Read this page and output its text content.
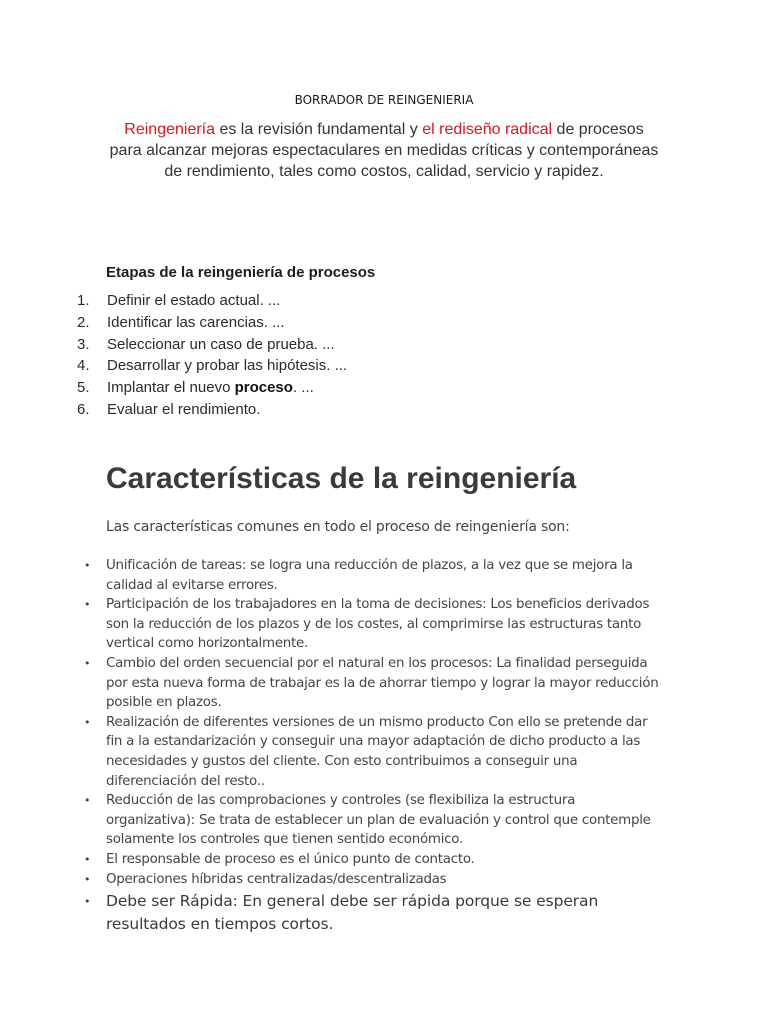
BORRADOR DE REINGENIERIA
Reingeniería es la revisión fundamental y el rediseño radical de procesos para alcanzar mejoras espectaculares en medidas críticas y contemporáneas de rendimiento, tales como costos, calidad, servicio y rapidez.
Etapas de la reingeniería de procesos
1.	Definir el estado actual. ...
2.	Identificar las carencias. ...
3.	Seleccionar un caso de prueba. ...
4.	Desarrollar y probar las hipótesis. ...
5.	Implantar el nuevo proceso. ...
6.	Evaluar el rendimiento.
Características de la reingeniería
Las características comunes en todo el proceso de reingeniería son:
•	Unificación de tareas: se logra una reducción de plazos, a la vez que se mejora la calidad al evitarse errores.
•	Participación de los trabajadores en la toma de decisiones: Los beneficios derivados son la reducción de los plazos y de los costes, al comprimirse las estructuras tanto vertical como horizontalmente.
•	Cambio del orden secuencial por el natural en los procesos: La finalidad perseguida por esta nueva forma de trabajar es la de ahorrar tiempo y lograr la mayor reducción posible en plazos.
•	Realización de diferentes versiones de un mismo producto Con ello se pretende dar fin a la estandarización y conseguir una mayor adaptación de dicho producto a las necesidades y gustos del cliente. Con esto contribuimos a conseguir una diferenciación del resto..
•	Reducción de las comprobaciones y controles (se flexibiliza la estructura organizativa): Se trata de establecer un plan de evaluación y control que contemple solamente los controles que tienen sentido económico.
•	El responsable de proceso es el único punto de contacto.
•	Operaciones híbridas centralizadas/descentralizadas
•	Debe ser Rápida: En general debe ser rápida porque se esperan resultados en tiempos cortos.
